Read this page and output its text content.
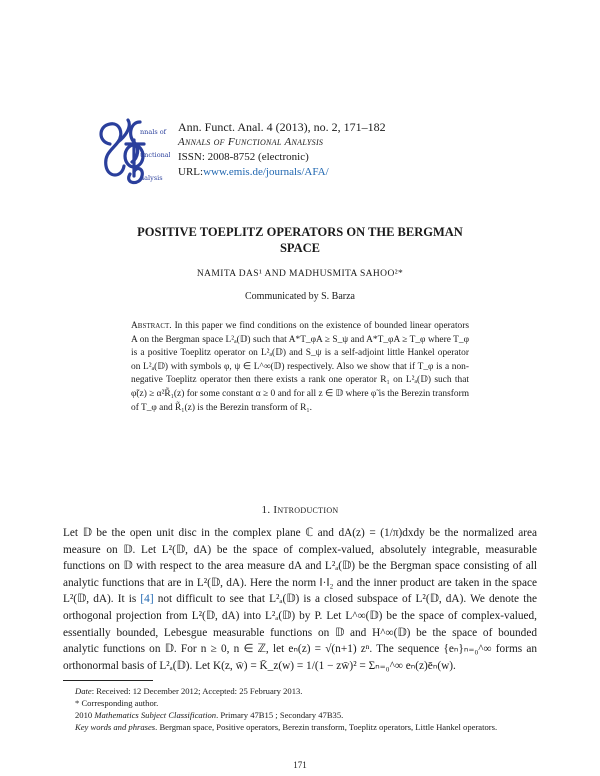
nnals of
unctional
nalysis
Ann. Funct. Anal. 4 (2013), no. 2, 171–182
Annals of Functional Analysis
ISSN: 2008-8752 (electronic)
URL:www.emis.de/journals/AFA/
POSITIVE TOEPLITZ OPERATORS ON THE BERGMAN
SPACE
NAMITA DAS¹ AND MADHUSMITA SAHOO²*
Communicated by S. Barza
Abstract. In this paper we find conditions on the existence of bounded linear operators A on the Bergman space L²ₐ(𝔻) such that A*T_φA ≥ S_ψ and A*T_φA ≥ T_φ where T_φ is a positive Toeplitz operator on L²ₐ(𝔻) and S_ψ is a self-adjoint little Hankel operator on L²ₐ(𝔻) with symbols φ, ψ ∈ L^∞(𝔻) respectively. Also we show that if T_φ is a non-negative Toeplitz operator then there exists a rank one operator R₁ on L²ₐ(𝔻) such that φ̃(z) ≥ α²R̃₁(z) for some constant α ≥ 0 and for all z ∈ 𝔻 where φ̃ is the Berezin transform of T_φ and R̃₁(z) is the Berezin transform of R₁.
1. Introduction
Let 𝔻 be the open unit disc in the complex plane ℂ and dA(z) = (1/π)dxdy be the normalized area measure on 𝔻. Let L²(𝔻, dA) be the space of complex-valued, absolutely integrable, measurable functions on 𝔻 with respect to the area measure dA and L²ₐ(𝔻) be the Bergman space consisting of all analytic functions that are in L²(𝔻, dA). Here the norm ‖·‖₂ and the inner product are taken in the space L²(𝔻, dA). It is [4] not difficult to see that L²ₐ(𝔻) is a closed subspace of L²(𝔻, dA). We denote the orthogonal projection from L²(𝔻, dA) into L²ₐ(𝔻) by P. Let L^∞(𝔻) be the space of complex-valued, essentially bounded, Lebesgue measurable functions on 𝔻 and H^∞(𝔻) be the space of bounded analytic functions on 𝔻. For n ≥ 0, n ∈ ℤ, let eₙ(z) = √(n+1) zⁿ. The sequence {eₙ}ₙ₌₀^∞ forms an orthonormal basis of L²ₐ(𝔻). Let K(z, w̄) = K̄_z(w) = 1/(1 − zw̄)² = Σₙ₌₀^∞ eₙ(z)ēₙ(w).

Date: Received: 12 December 2012; Accepted: 25 February 2013.

* Corresponding author.

2010 Mathematics Subject Classification. Primary 47B15 ; Secondary 47B35.

Key words and phrases. Bergman space, Positive operators, Berezin transform, Toeplitz operators, Little Hankel operators.

171
